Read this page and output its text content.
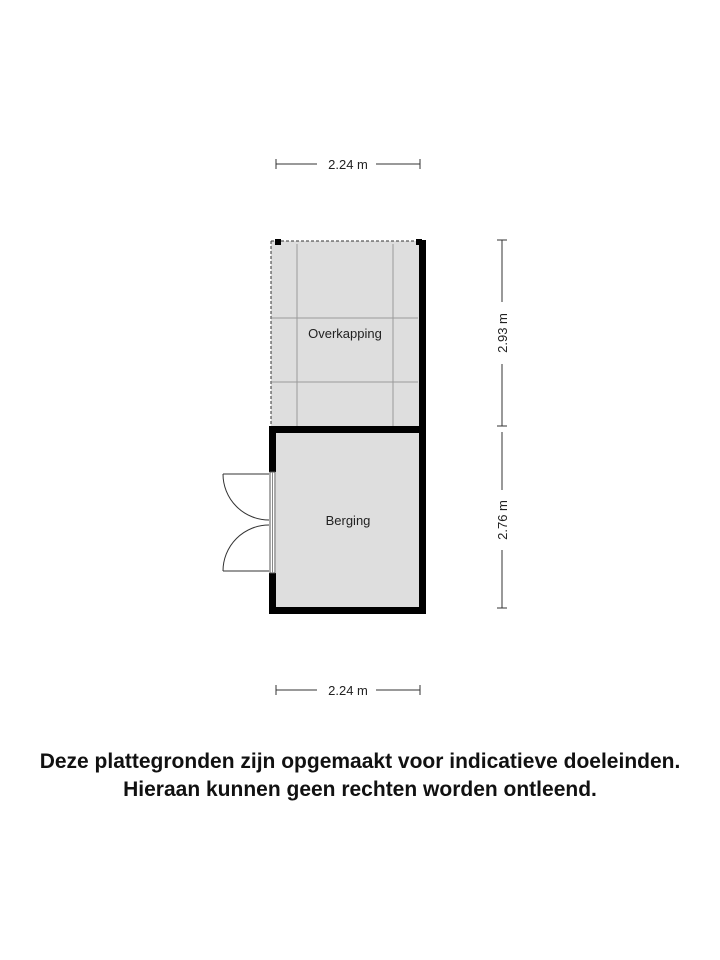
2.24 m
Overkapping
Berging
2.93 m
2.76 m
2.24 m
Deze plattegronden zijn opgemaakt voor indicatieve doeleinden.
Hieraan kunnen geen rechten worden ontleend.
